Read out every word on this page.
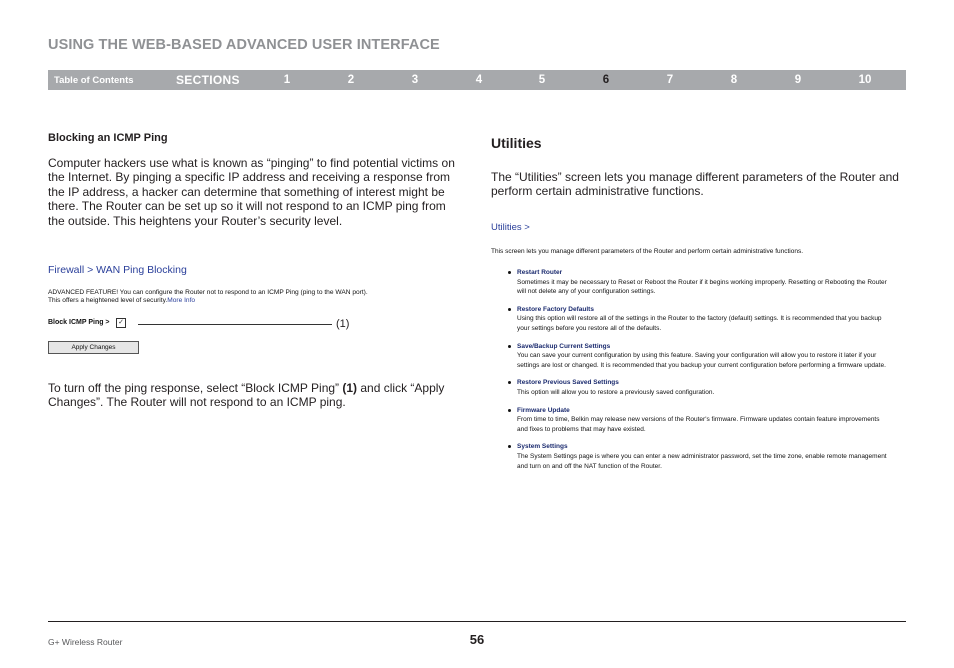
USING THE WEB-BASED ADVANCED USER INTERFACE
Table of Contents	SECTIONS	1	2	3	4	5	6	7	8	9	10

Blocking an ICMP Ping

Computer hackers use what is known as “pinging” to find potential victims on the Internet. By pinging a specific IP address and receiving a response from the IP address, a hacker can determine that something of interest might be there. The Router can be set up so it will not respond to an ICMP ping from the outside. This heightens your Router’s security level.

Firewall > WAN Ping Blocking
ADVANCED FEATURE! You can configure the Router not to respond to an ICMP Ping (ping to the WAN port).
This offers a heightened level of security.More Info
Block ICMP Ping > ✓	(1)
Apply Changes

To turn off the ping response, select “Block ICMP Ping” (1) and click “Apply Changes”. The Router will not respond to an ICMP ping.

Utilities

The “Utilities” screen lets you manage different parameters of the Router and perform certain administrative functions.

Utilities >
This screen lets you manage different parameters of the Router and perform certain administrative functions.
Restart Router
Sometimes it may be necessary to Reset or Reboot the Router if it begins working improperly. Resetting or Rebooting the Router will not delete any of your configuration settings.
Restore Factory Defaults
Using this option will restore all of the settings in the Router to the factory (default) settings. It is recommended that you backup your settings before you restore all of the defaults.
Save/Backup Current Settings
You can save your current configuration by using this feature. Saving your configuration will allow you to restore it later if your settings are lost or changed. It is recommended that you backup your current configuration before performing a firmware update.
Restore Previous Saved Settings
This option will allow you to restore a previously saved configuration.
Firmware Update
From time to time, Belkin may release new versions of the Router's firmware. Firmware updates contain feature improvements and fixes to problems that may have existed.
System Settings
The System Settings page is where you can enter a new administrator password, set the time zone, enable remote management and turn on and off the NAT function of the Router.
G+ Wireless Router	56
